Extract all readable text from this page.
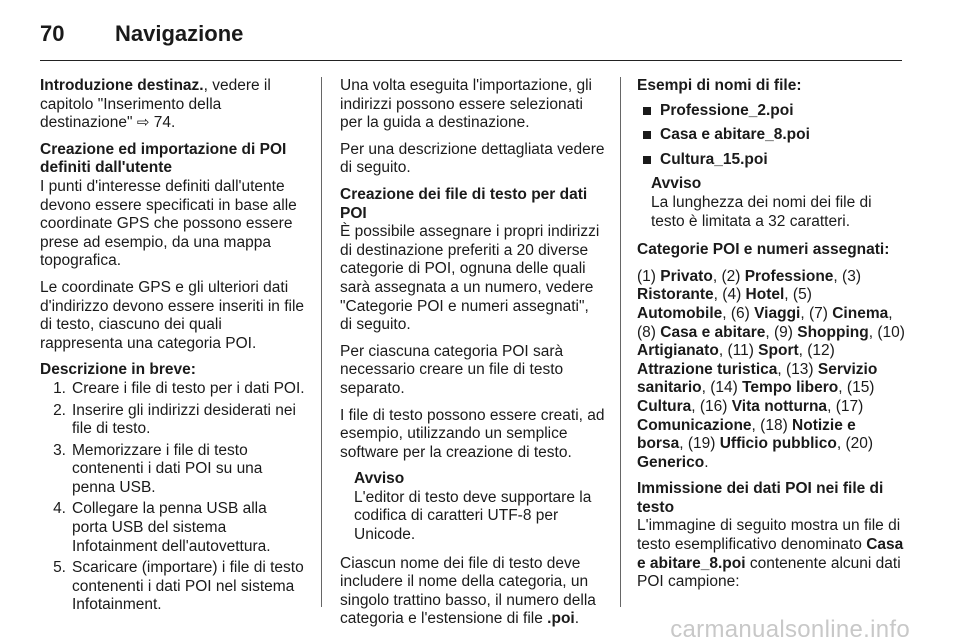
70	Navigazione

Introduzione destinaz., vedere il capitolo "Inserimento della destinazione" ⇨ 74.

Creazione ed importazione di POI definiti dall'utente

I punti d'interesse definiti dall'utente devono essere specificati in base alle coordinate GPS che possono essere prese ad esempio, da una mappa topografica.

Le coordinate GPS e gli ulteriori dati d'indirizzo devono essere inseriti in file di testo, ciascuno dei quali rappresenta una categoria POI.

Descrizione in breve:
1. Creare i file di testo per i dati POI.
2. Inserire gli indirizzi desiderati nei file di testo.
3. Memorizzare i file di testo contenenti i dati POI su una penna USB.
4. Collegare la penna USB alla porta USB del sistema Infotainment dell'autovettura.
5. Scaricare (importare) i file di testo contenenti i dati POI nel sistema Infotainment.

Una volta eseguita l'importazione, gli indirizzi possono essere selezionati per la guida a destinazione.

Per una descrizione dettagliata vedere di seguito.

Creazione dei file di testo per dati POI

È possibile assegnare i propri indirizzi di destinazione preferiti a 20 diverse categorie di POI, ognuna delle quali sarà assegnata a un numero, vedere "Categorie POI e numeri assegnati", di seguito.

Per ciascuna categoria POI sarà necessario creare un file di testo separato.

I file di testo possono essere creati, ad esempio, utilizzando un semplice software per la creazione di testo.

Avviso
L'editor di testo deve supportare la codifica di caratteri UTF-8 per Unicode.

Ciascun nome dei file di testo deve includere il nome della categoria, un singolo trattino basso, il numero della categoria e l'estensione di file .poi.

Esempi di nomi di file:
Professione_2.poi
Casa e abitare_8.poi
Cultura_15.poi
Avviso
La lunghezza dei nomi dei file di testo è limitata a 32 caratteri.
Categorie POI e numeri assegnati:

(1) Privato, (2) Professione, (3) Ristorante, (4) Hotel, (5) Automobile, (6) Viaggi, (7) Cinema, (8) Casa e abitare, (9) Shopping, (10) Artigianato, (11) Sport, (12) Attrazione turistica, (13) Servizio sanitario, (14) Tempo libero, (15) Cultura, (16) Vita notturna, (17) Comunicazione, (18) Notizie e borsa, (19) Ufficio pubblico, (20) Generico.

Immissione dei dati POI nei file di testo

L'immagine di seguito mostra un file di testo esemplificativo denominato Casa e abitare_8.poi contenente alcuni dati POI campione:

carmanualsonline.info
